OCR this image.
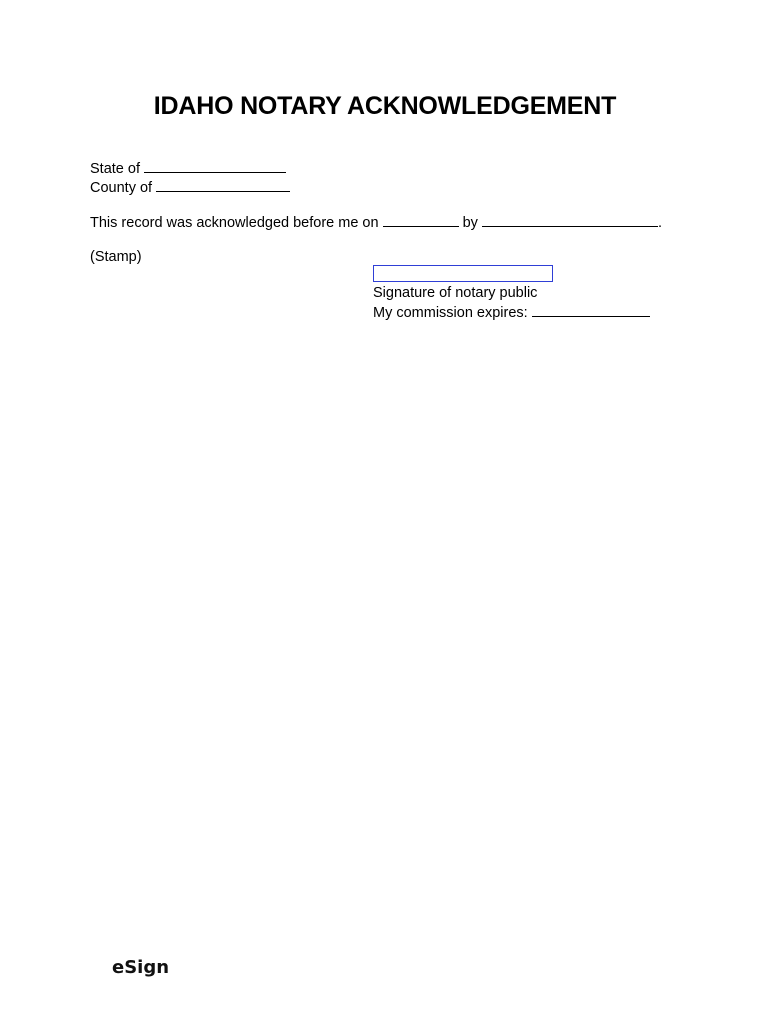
IDAHO NOTARY ACKNOWLEDGEMENT
State of
County of
This record was acknowledged before me on	by	.
(Stamp)
Signature of notary public
My commission expires:
eSign
